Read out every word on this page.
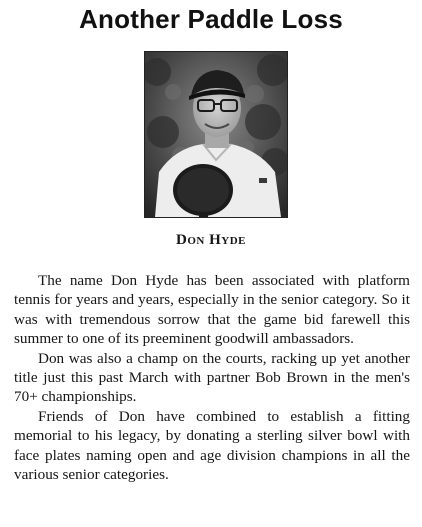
Another Paddle Loss
Don Hyde

The name Don Hyde has been associated with platform tennis for years and years, especially in the senior category. So it was with tremendous sorrow that the game bid farewell this summer to one of its preeminent goodwill ambassadors.

Don was also a champ on the courts, racking up yet another title just this past March with partner Bob Brown in the men's 70+ championships.

Friends of Don have combined to establish a fitting memorial to his legacy, by donating a sterling silver bowl with face plates naming open and age division champions in all the various senior categories.
